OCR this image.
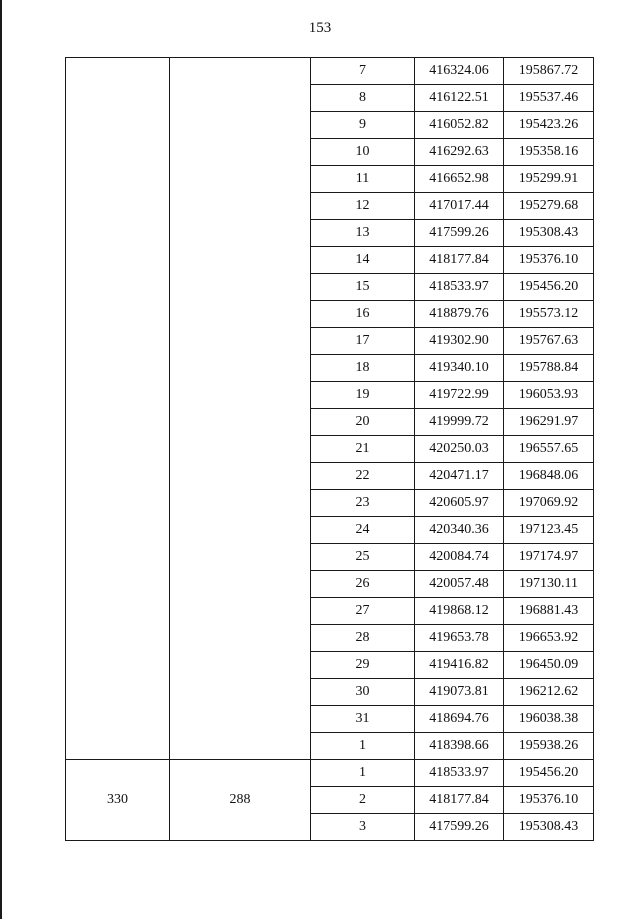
153
		7	416324.06	195867.72
		8	416122.51	195537.46
		9	416052.82	195423.26
		10	416292.63	195358.16
		11	416652.98	195299.91
		12	417017.44	195279.68
		13	417599.26	195308.43
		14	418177.84	195376.10
		15	418533.97	195456.20
		16	418879.76	195573.12
		17	419302.90	195767.63
		18	419340.10	195788.84
		19	419722.99	196053.93
		20	419999.72	196291.97
		21	420250.03	196557.65
		22	420471.17	196848.06
		23	420605.97	197069.92
		24	420340.36	197123.45
		25	420084.74	197174.97
		26	420057.48	197130.11
		27	419868.12	196881.43
		28	419653.78	196653.92
		29	419416.82	196450.09
		30	419073.81	196212.62
		31	418694.76	196038.38
		1	418398.66	195938.26
330	288	1	418533.97	195456.20
		2	418177.84	195376.10
		3	417599.26	195308.43
